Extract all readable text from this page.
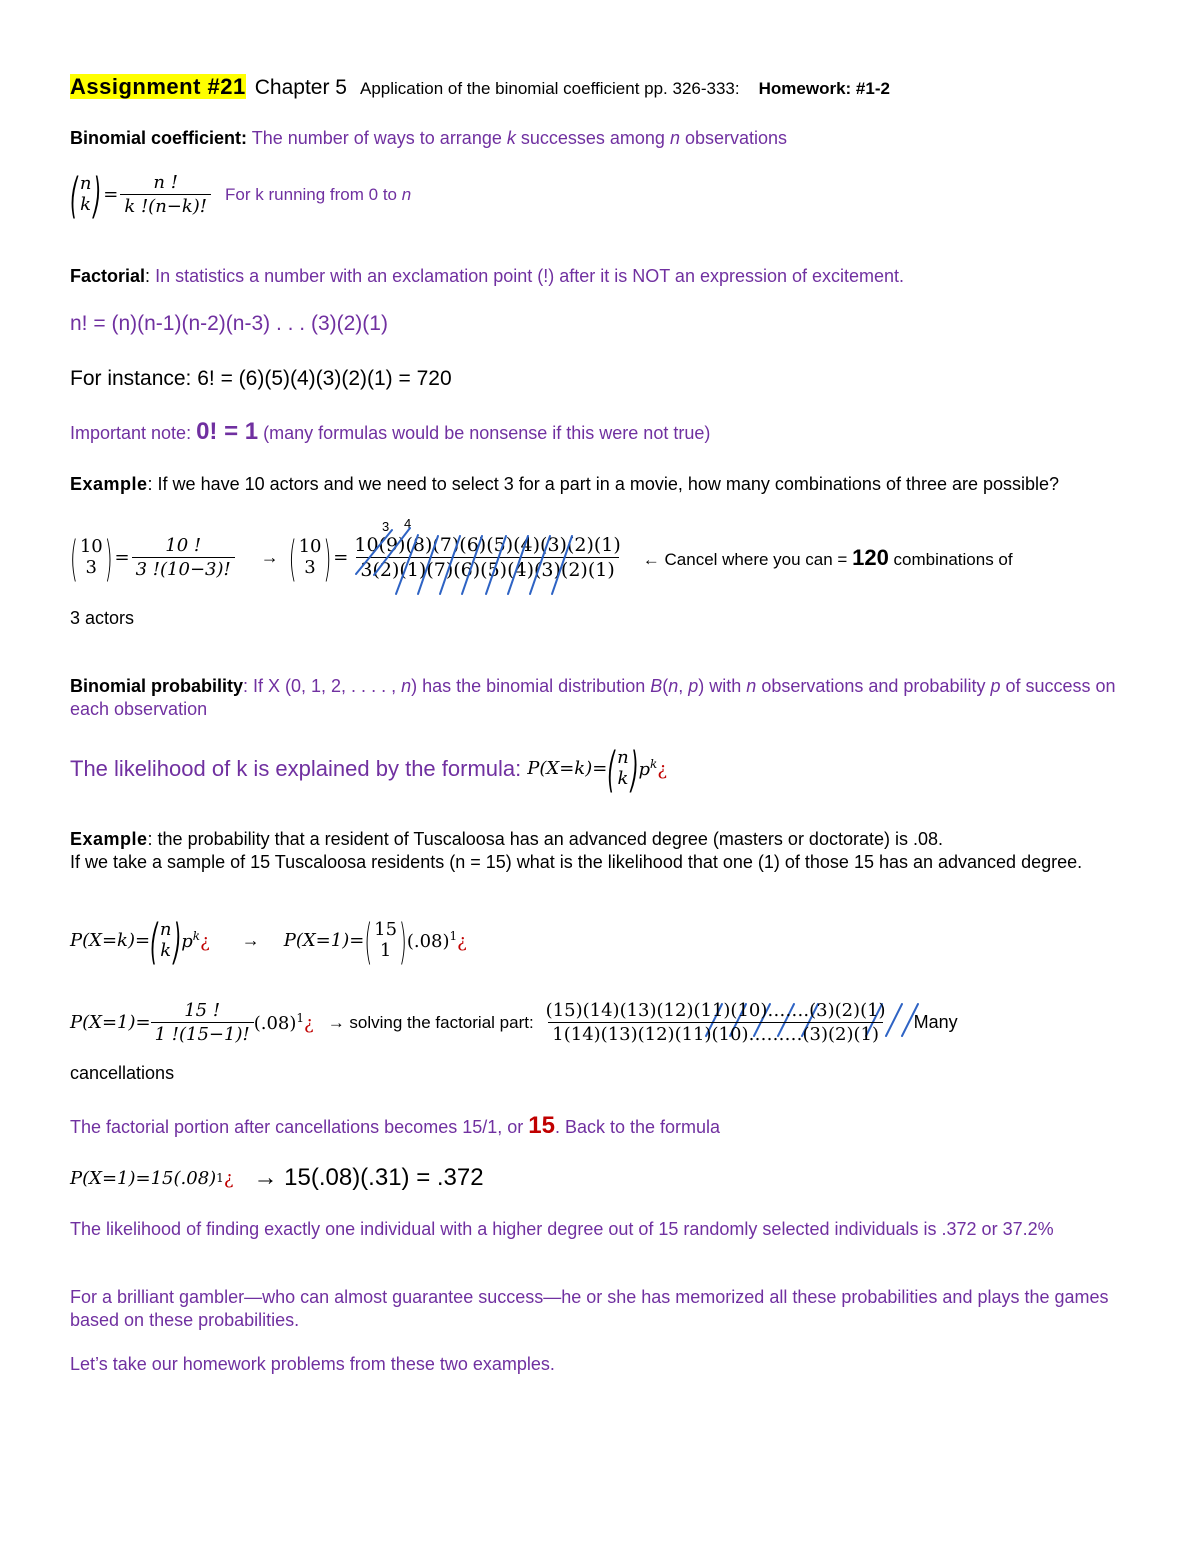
Assignment #21 Chapter 5 Application of the binomial coefficient pp. 326-333: Homework: #1-2
Binomial coefficient: The number of ways to arrange k successes among n observations
( n
k ) = $\frac{n !}{k !(n-k)!}$ For k running from 0 to n
Factorial: In statistics a number with an exclamation point (!) after it is NOT an expression of excitement.
n! = (n)(n-1)(n-2)(n-3) . . . (3)(2)(1)
For instance: 6! = (6)(5)(4)(3)(2)(1) = 720
Important note: 0! = 1 (many formulas would be nonsense if this were not true)
Example: If we have 10 actors and we need to select 3 for a part in a movie, how many combinations of three are possible?
( 10
3 ) = $\frac{10 !}{3 !(10-3)!}$ → ( 10
3 ) = $\frac{10(9)(8)(7)(6)(5)(4)(3)(2)(1)}{3(2)(1)(7)(6)(5)(4)(3)(2)(1)}$ ← Cancel where you can = 120 combinations of
3 4
3 actors
Binomial probability: If X (0, 1, 2, . . . . , n) has the binomial distribution B(n, p) with n observations and probability p of success on each observation
The likelihood of k is explained by the formula: P(X=k)= ( n
k ) $p^k¿$
Example: the probability that a resident of Tuscaloosa has an advanced degree (masters or doctorate) is .08.
If we take a sample of 15 Tuscaloosa residents (n = 15) what is the likelihood that one (1) of those 15 has an advanced degree.
P(X=k)= ( n
k ) $p^k¿ \to P(X=1)=$ ( 15
1 ) $(.08)^1¿$
$P(X=1)= \frac{15 !}{1 !(15-1)!}$ $(.08)^1¿$ → solving the factorial part: $\frac{(15)(14)(13)(12)(11)(10)\dots\dots.(3)(2)(1)}{1(14)(13)(12)(11)(10)\dots\dots\dots(3)(2)(1)}$ Many
cancellations
The factorial portion after cancellations becomes 15/1, or 15. Back to the formula
P(X=1)=15(.08) 1 ¿ → 15(.08)(.31) = .372
The likelihood of finding exactly one individual with a higher degree out of 15 randomly selected individuals is .372 or 37.2%
For a brilliant gambler—who can almost guarantee success—he or she has memorized all these probabilities and plays the games based on these probabilities.
Let’s take our homework problems from these two examples.
